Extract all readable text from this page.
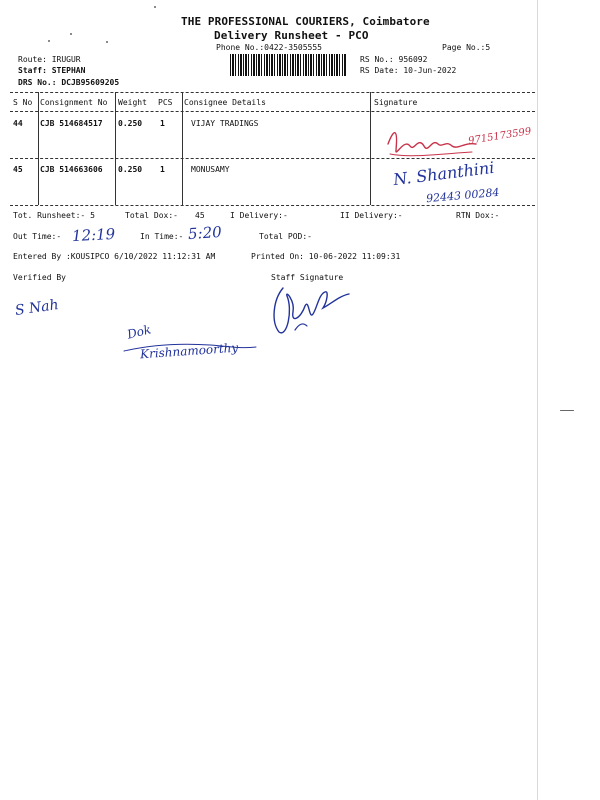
THE PROFESSIONAL COURIERS, Coimbatore
Delivery Runsheet - PCO
Phone No.:0422-3505555	Page No.:5
Route: IRUGUR
Staff: STEPHAN
DRS No.: DCJB95609205
RS No.: 956092
RS Date: 10-Jun-2022
S No Consignment No Weight PCS Consignee Details	Signature
44 CJB 514684517 0.250 1	VIJAY TRADINGS
45 CJB 514663606 0.250 1	MONUSAMY
Tot. Runsheet:- 5	Total Dox:- 45	I Delivery:-	II Delivery:-	RTN Dox:-
Out Time:-	In Time:-	Total POD:-
Entered By :KOUSIPCO 6/10/2022 11:12:31 AM	Printed On: 10-06-2022 11:09:31
Verified By	Staff Signature
12:19	5:20
9715173599
N. Shanthini
92443 00284
S Nah
Dok
Krishnamoorthy
